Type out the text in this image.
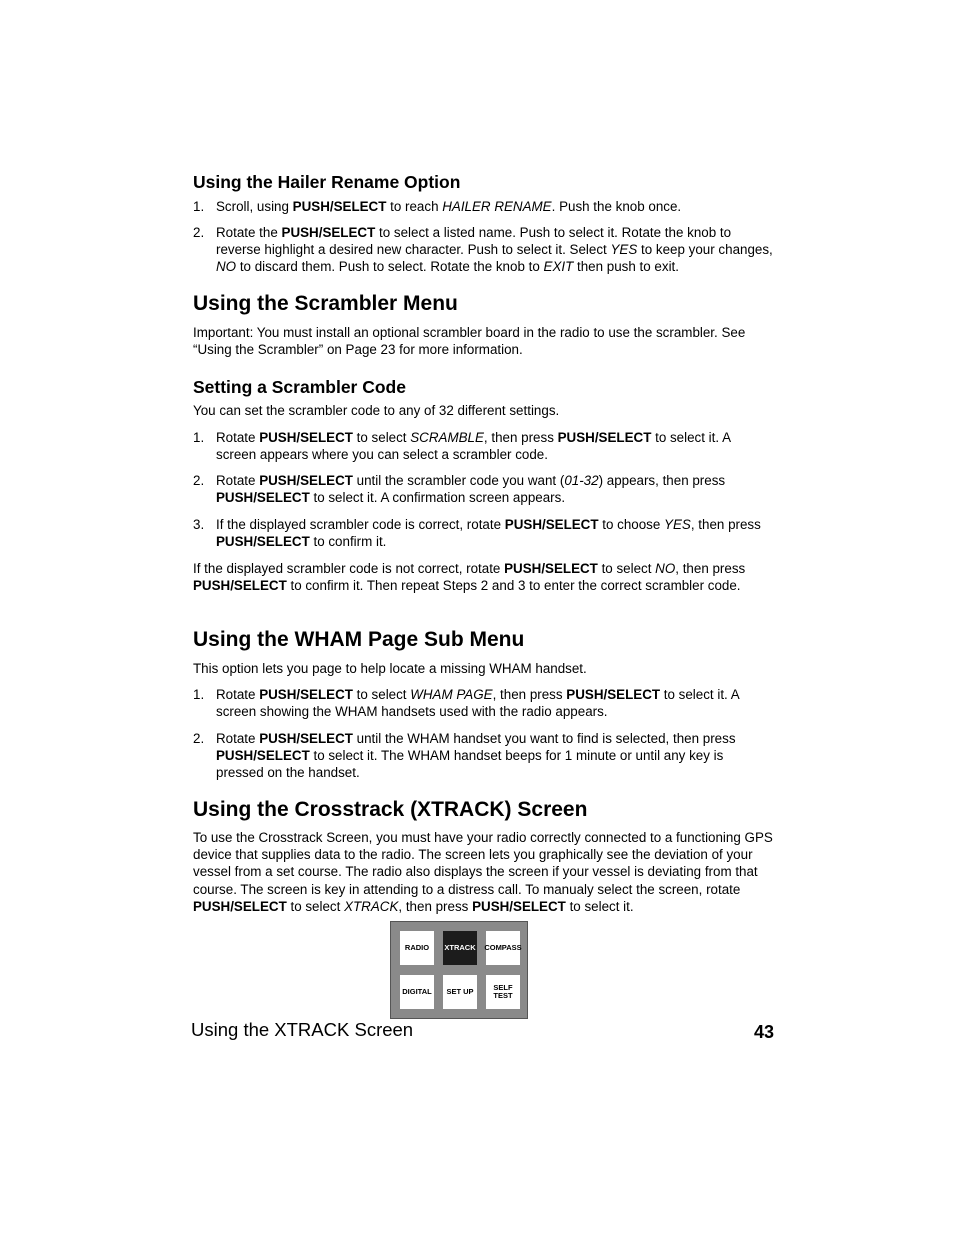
Using the Hailer Rename Option
1. Scroll, using PUSH/SELECT to reach HAILER RENAME. Push the knob once.
2. Rotate the PUSH/SELECT to select a listed name. Push to select it. Rotate the knob to reverse highlight a desired new character. Push to select it. Select YES to keep your changes, NO to discard them. Push to select. Rotate the knob to EXIT then push to exit.
Using the Scrambler Menu
Important: You must install an optional scrambler board in the radio to use the scrambler. See “Using the Scrambler” on Page 23 for more information.
Setting a Scrambler Code
You can set the scrambler code to any of 32 different settings.
1. Rotate PUSH/SELECT to select SCRAMBLE, then press PUSH/SELECT to select it. A screen appears where you can select a scrambler code.
2. Rotate PUSH/SELECT until the scrambler code you want (01-32) appears, then press PUSH/SELECT to select it. A confirmation screen appears.
3. If the displayed scrambler code is correct, rotate PUSH/SELECT to choose YES, then press PUSH/SELECT to confirm it.
If the displayed scrambler code is not correct, rotate PUSH/SELECT to select NO, then press PUSH/SELECT to confirm it. Then repeat Steps 2 and 3 to enter the correct scrambler code.
Using the WHAM Page Sub Menu
This option lets you page to help locate a missing WHAM handset.
1. Rotate PUSH/SELECT to select WHAM PAGE, then press PUSH/SELECT to select it. A screen showing the WHAM handsets used with the radio appears.
2. Rotate PUSH/SELECT until the WHAM handset you want to find is selected, then press PUSH/SELECT to select it. The WHAM handset beeps for 1 minute or until any key is pressed on the handset.
Using the Crosstrack (XTRACK) Screen
To use the Crosstrack Screen, you must have your radio correctly connected to a functioning GPS device that supplies data to the radio. The screen lets you graphically see the deviation of your vessel from a set course. The radio also displays the screen if your vessel is deviating from that course. The screen is key in attending to a distress call. To manualy select the screen, rotate PUSH/SELECT to select XTRACK, then press PUSH/SELECT to select it.
RADIO	XTRACK COMPASS
DIGITAL	SET UP	SELF
TEST
Using the XTRACK Screen	43
